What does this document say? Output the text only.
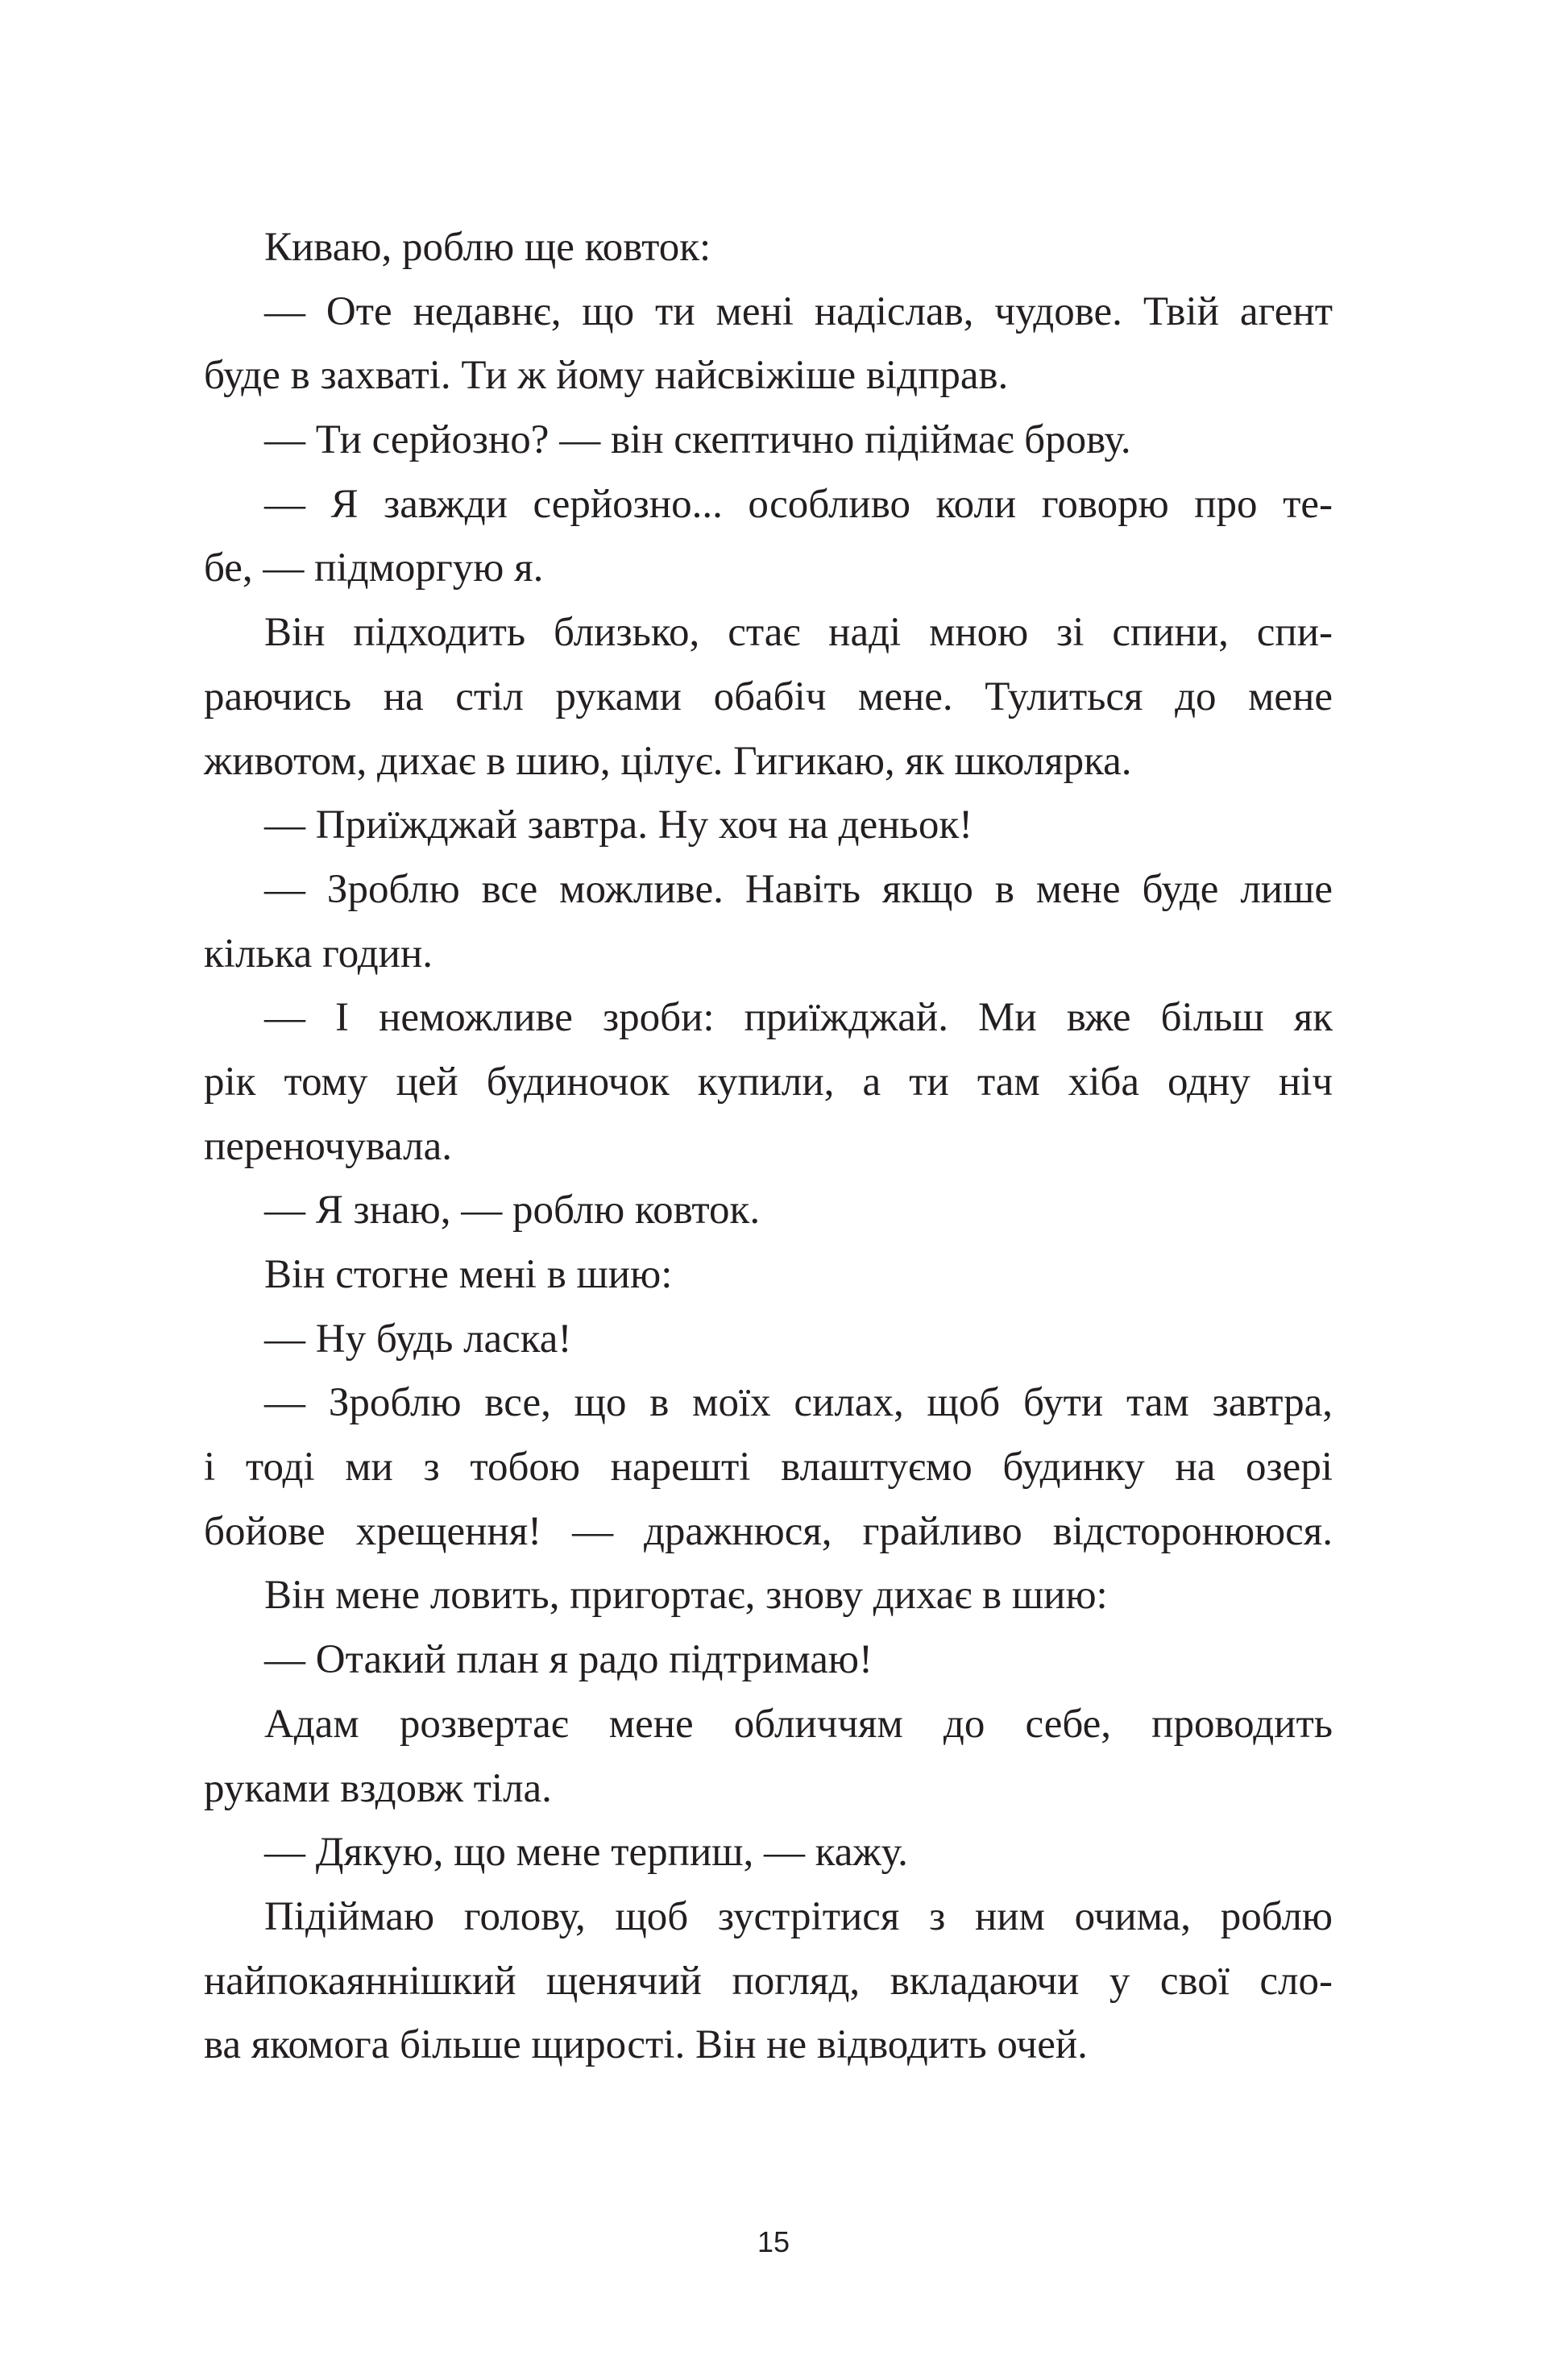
Киваю, роблю ще ковток:
— Оте недавнє, що ти мені надіслав, чудове. Твій агент
буде в захваті. Ти ж йому найсвіжіше відправ.
— Ти серйозно? — він скептично підіймає брову.
— Я завжди серйозно... особливо коли говорю про те-
бе, — підморгую я.
Він підходить близько, стає наді мною зі спини, спи-
раючись на стіл руками обабіч мене. Тулиться до мене
животом, дихає в шию, цілує. Гигикаю, як школярка.
— Приїжджай завтра. Ну хоч на деньок!
— Зроблю все можливе. Навіть якщо в мене буде лише
кілька годин.
— І неможливе зроби: приїжджай. Ми вже більш як
рік тому цей будиночок купили, а ти там хіба одну ніч
переночувала.
— Я знаю, — роблю ковток.
Він стогне мені в шию:
— Ну будь ласка!
— Зроблю все, що в моїх силах, щоб бути там завтра,
і тоді ми з тобою нарешті влаштуємо будинку на озері
бойове хрещення! — дражнюся, грайливо відсторонююся.
Він мене ловить, пригортає, знову дихає в шию:
— Отакий план я радо підтримаю!
Адам розвертає мене обличчям до себе, проводить
руками вздовж тіла.
— Дякую, що мене терпиш, — кажу.
Підіймаю голову, щоб зустрітися з ним очима, роблю
найпокаяннішкий щенячий погляд, вкладаючи у свої сло-
ва якомога більше щирості. Він не відводить очей.
15
